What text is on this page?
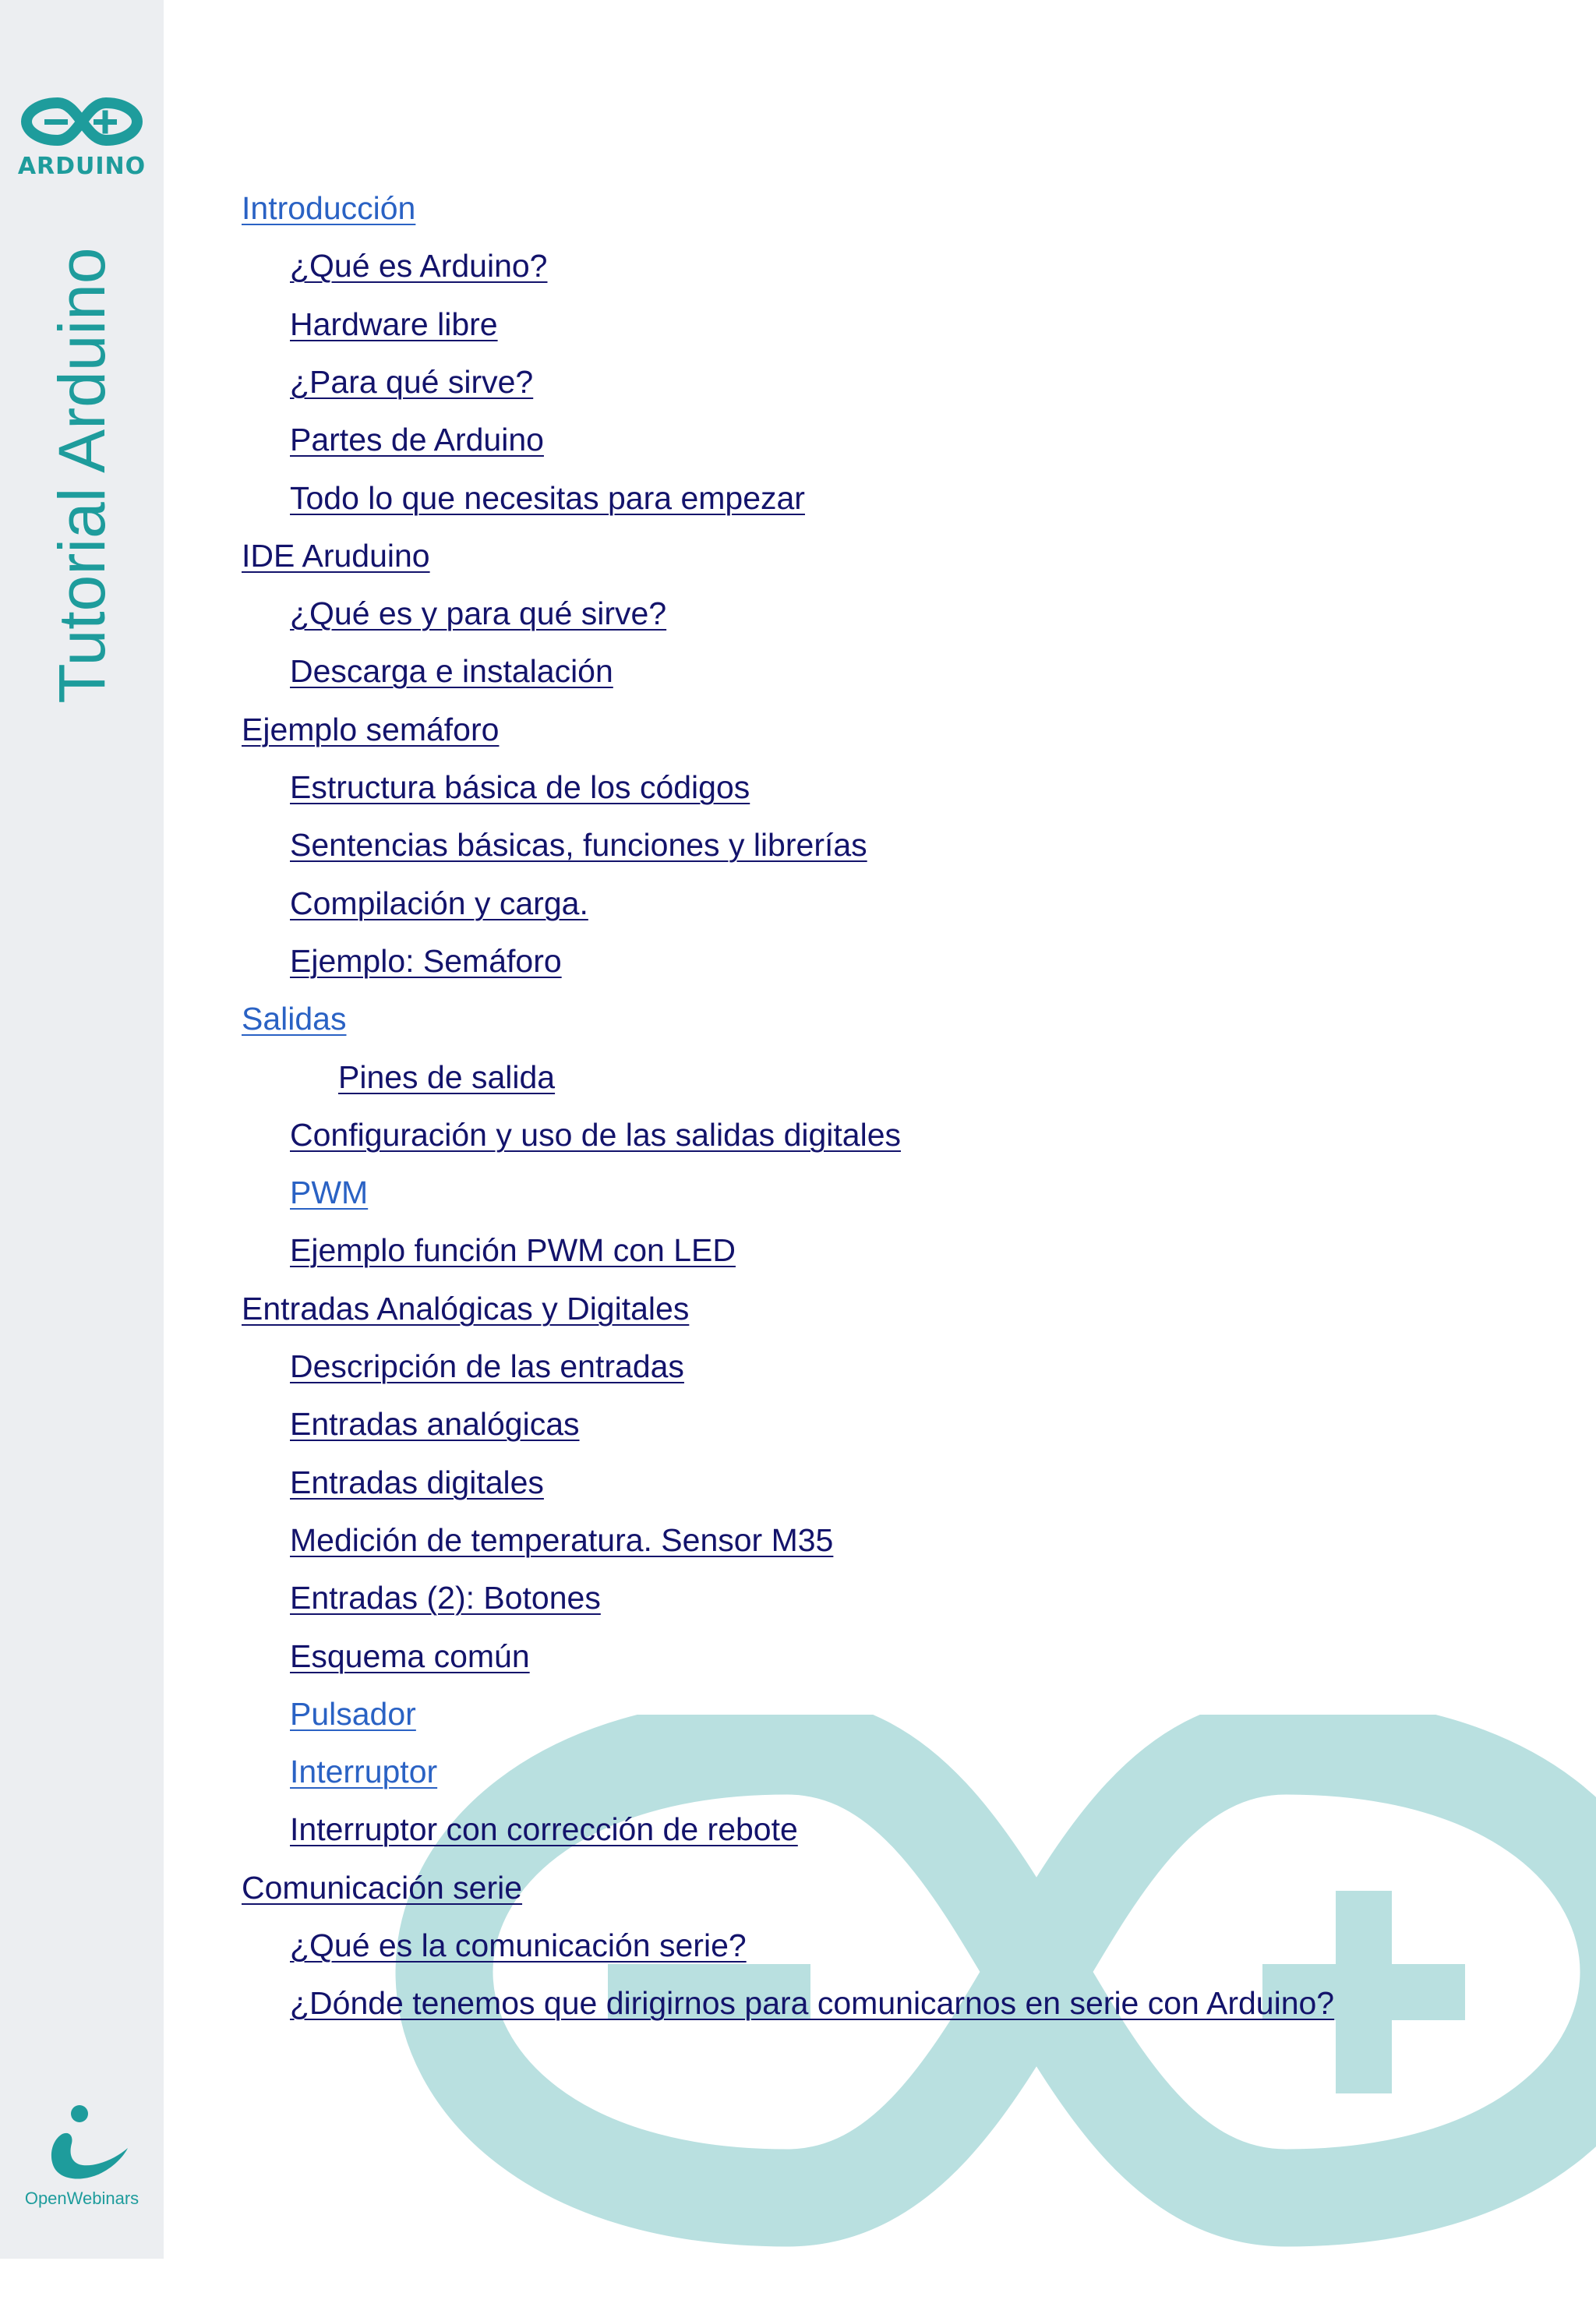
ARDUINO
Tutorial Arduino
OpenWebinars
Introducción
¿Qué es Arduino?
Hardware libre
¿Para qué sirve?
Partes de Arduino
Todo lo que necesitas para empezar
IDE Aruduino
¿Qué es y para qué sirve?
Descarga e instalación
Ejemplo semáforo
Estructura básica de los códigos
Sentencias básicas, funciones y librerías
Compilación y carga.
Ejemplo: Semáforo
Salidas
Pines de salida
Configuración y uso de las salidas digitales
PWM
Ejemplo función PWM con LED
Entradas Analógicas y Digitales
Descripción de las entradas
Entradas analógicas
Entradas digitales
Medición de temperatura. Sensor M35
Entradas (2): Botones
Esquema común
Pulsador
Interruptor
Interruptor con corrección de rebote
Comunicación serie
¿Qué es la comunicación serie?
¿Dónde tenemos que dirigirnos para comunicarnos en serie con Arduino?
